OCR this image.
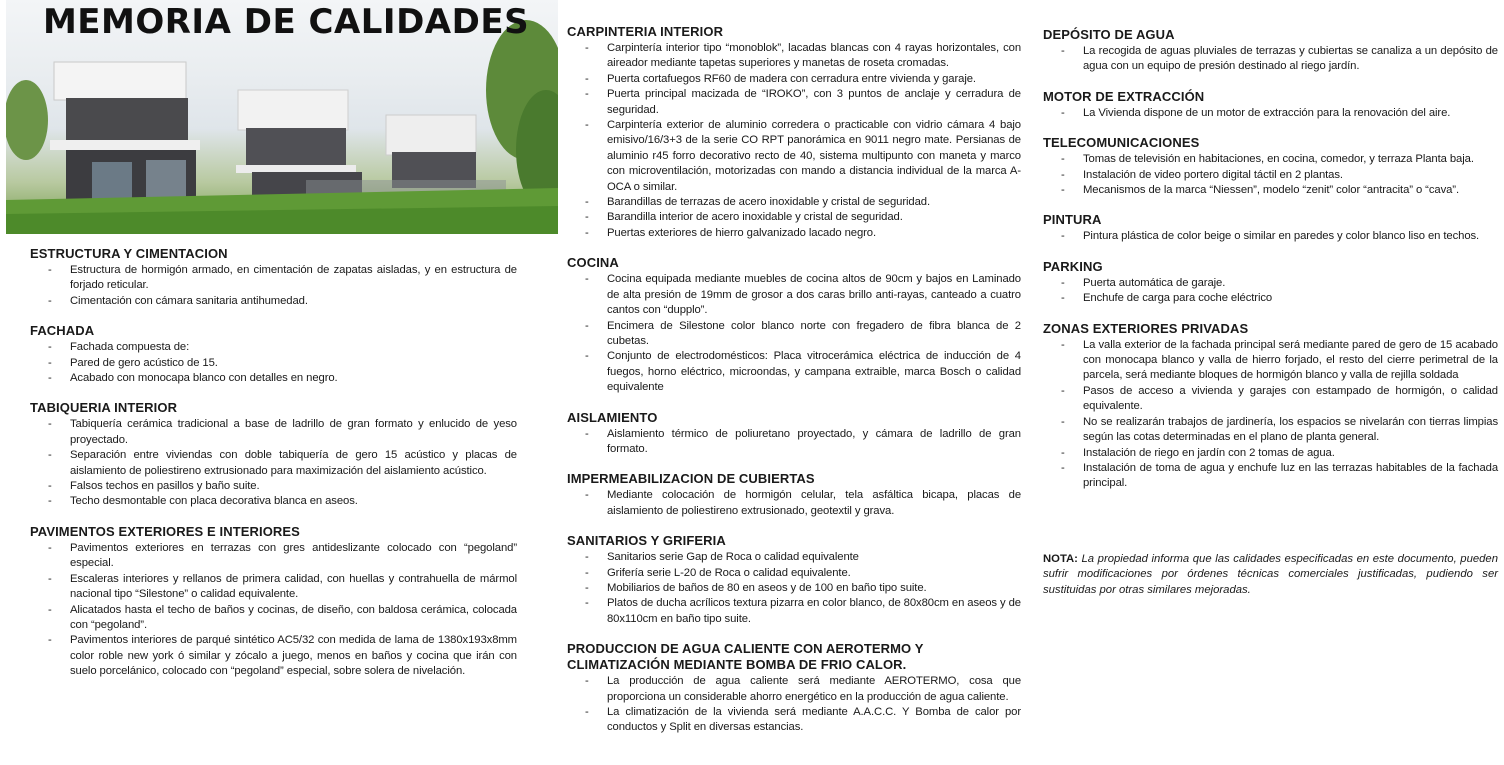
MEMORIA DE CALIDADES
ESTRUCTURA Y CIMENTACION
- Estructura de hormigón armado, en cimentación de zapatas aisladas, y en estructura de forjado reticular.
- Cimentación con cámara sanitaria antihumedad.
FACHADA
- Fachada compuesta de:
- Pared de gero acústico de 15.
- Acabado con monocapa blanco con detalles en negro.
TABIQUERIA INTERIOR
- Tabiquería cerámica tradicional a base de ladrillo de gran formato y enlucido de yeso proyectado.
- Separación entre viviendas con doble tabiquería de gero 15 acústico y placas de aislamiento de poliestireno extrusionado para maximización del aislamiento acústico.
- Falsos techos en pasillos y baño suite.
- Techo desmontable con placa decorativa blanca en aseos.
PAVIMENTOS EXTERIORES E INTERIORES
- Pavimentos exteriores en terrazas con gres antideslizante colocado con “pegoland” especial.
- Escaleras interiores y rellanos de primera calidad, con huellas y contrahuella de mármol nacional tipo “Silestone” o calidad equivalente.
- Alicatados hasta el techo de baños y cocinas, de diseño, con baldosa cerámica, colocada con “pegoland”.
- Pavimentos interiores de parqué sintético AC5/32 con medida de lama de 1380x193x8mm color roble new york ó similar y zócalo a juego, menos en baños y cocina que irán con suelo porcelánico, colocado con “pegoland” especial, sobre solera de nivelación.
CARPINTERIA INTERIOR
- Carpintería interior tipo “monoblok”, lacadas blancas con 4 rayas horizontales, con aireador mediante tapetas superiores y manetas de roseta cromadas.
- Puerta cortafuegos RF60 de madera con cerradura entre vivienda y garaje.
- Puerta principal macizada de “IROKO”, con 3 puntos de anclaje y cerradura de seguridad.
- Carpintería exterior de aluminio corredera o practicable con vidrio cámara 4 bajo emisivo/16/3+3 de la serie CO RPT panorámica en 9011 negro mate. Persianas de aluminio r45 forro decorativo recto de 40, sistema multipunto con maneta y marco con microventilación, motorizadas con mando a distancia individual de la marca A-OCA o similar.
- Barandillas de terrazas de acero inoxidable y cristal de seguridad.
- Barandilla interior de acero inoxidable y cristal de seguridad.
- Puertas exteriores de hierro galvanizado lacado negro.
COCINA
- Cocina equipada mediante muebles de cocina altos de 90cm y bajos en Laminado de alta presión de 19mm de grosor a dos caras brillo anti-rayas, canteado a cuatro cantos con “dupplo”.
- Encimera de Silestone color blanco norte con fregadero de fibra blanca de 2 cubetas.
- Conjunto de electrodomésticos: Placa vitrocerámica eléctrica de inducción de 4 fuegos, horno eléctrico, microondas, y campana extraible, marca Bosch o calidad equivalente
AISLAMIENTO
- Aislamiento térmico de poliuretano proyectado, y cámara de ladrillo de gran formato.
IMPERMEABILIZACION DE CUBIERTAS
- Mediante colocación de hormigón celular, tela asfáltica bicapa, placas de aislamiento de poliestireno extrusionado, geotextil y grava.
SANITARIOS Y GRIFERIA
- Sanitarios serie Gap de Roca o calidad equivalente
- Grifería serie L-20 de Roca o calidad equivalente.
- Mobiliarios de baños de 80 en aseos y de 100 en baño tipo suite.
- Platos de ducha acrílicos textura pizarra en color blanco, de 80x80cm en aseos y de 80x110cm en baño tipo suite.
PRODUCCION DE AGUA CALIENTE CON AEROTERMO Y CLIMATIZACIÓN MEDIANTE BOMBA DE FRIO CALOR.
- La producción de agua caliente será mediante AEROTERMO, cosa que proporciona un considerable ahorro energético en la producción de agua caliente.
- La climatización de la vivienda será mediante A.A.C.C. Y Bomba de calor por conductos y Split en diversas estancias.
DEPÓSITO DE AGUA
- La recogida de aguas pluviales de terrazas y cubiertas se canaliza a un depósito de agua con un equipo de presión destinado al riego jardín.
MOTOR DE EXTRACCIÓN
- La Vivienda dispone de un motor de extracción para la renovación del aire.
TELECOMUNICACIONES
- Tomas de televisión en habitaciones, en cocina, comedor, y terraza Planta baja.
- Instalación de video portero digital táctil en 2 plantas.
- Mecanismos de la marca “Niessen”, modelo “zenit” color “antracita” o “cava”.
PINTURA
- Pintura plástica de color beige o similar en paredes y color blanco liso en techos.
PARKING
- Puerta automática de garaje.
- Enchufe de carga para coche eléctrico
ZONAS EXTERIORES PRIVADAS
- La valla exterior de la fachada principal será mediante pared de gero de 15 acabado con monocapa blanco y valla de hierro forjado, el resto del cierre perimetral de la parcela, será mediante bloques de hormigón blanco y valla de rejilla soldada
- Pasos de acceso a vivienda y garajes con estampado de hormigón, o calidad equivalente.
- No se realizarán trabajos de jardinería, los espacios se nivelarán con tierras limpias según las cotas determinadas en el plano de planta general.
- Instalación de riego en jardín con 2 tomas de agua.
- Instalación de toma de agua y enchufe luz en las terrazas habitables de la fachada principal.
NOTA: La propiedad informa que las calidades especificadas en este documento, pueden sufrir modificaciones por órdenes técnicas comerciales justificadas, pudiendo ser sustituidas por otras similares mejoradas.
